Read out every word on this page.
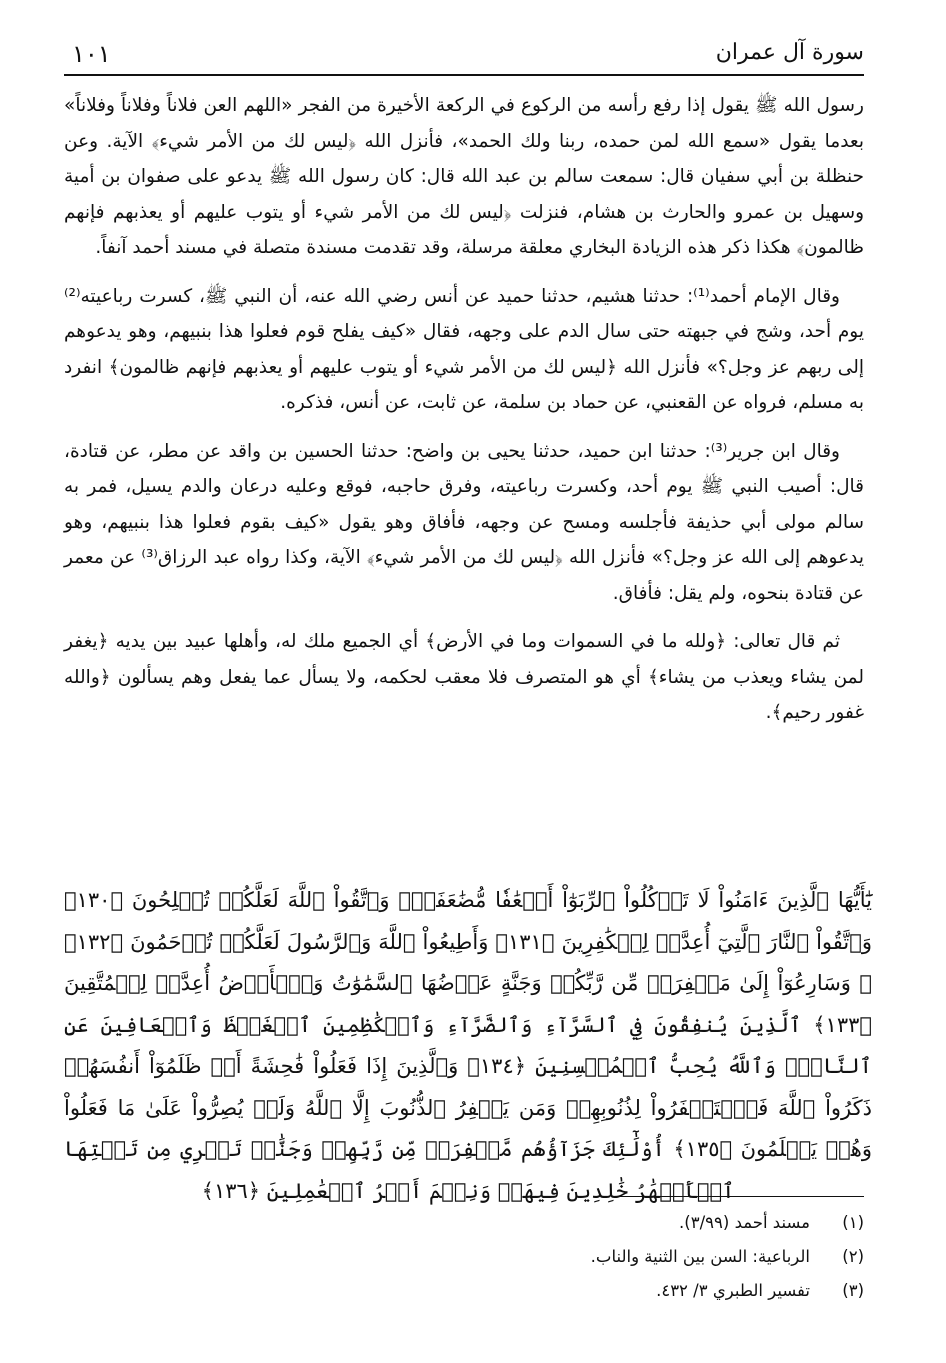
سورة آل عمران
١٠١

رسول الله ﷺ يقول إذا رفع رأسه من الركوع في الركعة الأخيرة من الفجر «اللهم العن فلاناً وفلاناً وفلاناً» بعدما يقول «سمع الله لمن حمده، ربنا ولك الحمد»، فأنزل الله ﴿ليس لك من الأمر شيء﴾ الآية. وعن حنظلة بن أبي سفيان قال: سمعت سالم بن عبد الله قال: كان رسول الله ﷺ يدعو على صفوان بن أمية وسهيل بن عمرو والحارث بن هشام، فنزلت ﴿ليس لك من الأمر شيء أو يتوب عليهم أو يعذبهم فإنهم ظالمون﴾ هكذا ذكر هذه الزيادة البخاري معلقة مرسلة، وقد تقدمت مسندة متصلة في مسند أحمد آنفاً.

وقال الإمام أحمد⁽¹⁾: حدثنا هشيم، حدثنا حميد عن أنس رضي الله عنه، أن النبي ﷺ، كسرت رباعيته⁽²⁾ يوم أحد، وشج في جبهته حتى سال الدم على وجهه، فقال «كيف يفلح قوم فعلوا هذا بنبيهم، وهو يدعوهم إلى ربهم عز وجل؟» فأنزل الله ﴿ليس لك من الأمر شيء أو يتوب عليهم أو يعذبهم فإنهم ظالمون﴾ انفرد به مسلم، فرواه عن القعنبي، عن حماد بن سلمة، عن ثابت، عن أنس، فذكره.

وقال ابن جرير⁽³⁾: حدثنا ابن حميد، حدثنا يحيى بن واضح: حدثنا الحسين بن واقد عن مطر، عن قتادة، قال: أصيب النبي ﷺ يوم أحد، وكسرت رباعيته، وفرق حاجبه، فوقع وعليه درعان والدم يسيل، فمر به سالم مولى أبي حذيفة فأجلسه ومسح عن وجهه، فأفاق وهو يقول «كيف بقوم فعلوا هذا بنبيهم، وهو يدعوهم إلى الله عز وجل؟» فأنزل الله ﴿ليس لك من الأمر شيء﴾ الآية، وكذا رواه عبد الرزاق⁽³⁾ عن معمر عن قتادة بنحوه، ولم يقل: فأفاق.

ثم قال تعالى: ﴿ولله ما في السموات وما في الأرض﴾ أي الجميع ملك له، وأهلها عبيد بين يديه ﴿يغفر لمن يشاء ويعذب من يشاء﴾ أي هو المتصرف فلا معقب لحكمه، ولا يسأل عما يفعل وهم يسألون ﴿والله غفور رحيم﴾.

يَٰٓأَيُّهَا ٱلَّذِينَ ءَامَنُواْ لَا تَأۡكُلُواْ ٱلرِّبَوٰٓاْ أَضۡعَٰفٗا مُّضَٰعَفَةٗۖ وَٱتَّقُواْ ٱللَّهَ لَعَلَّكُمۡ تُفۡلِحُونَ ﴿١٣٠﴾ وَٱتَّقُواْ ٱلنَّارَ ٱلَّتِيٓ أُعِدَّتۡ لِلۡكَٰفِرِينَ ﴿١٣١﴾ وَأَطِيعُواْ ٱللَّهَ وَٱلرَّسُولَ لَعَلَّكُمۡ تُرۡحَمُونَ ﴿١٣٢﴾ ۞ وَسَارِعُوٓاْ إِلَىٰ مَغۡفِرَةٖ مِّن رَّبِّكُمۡ وَجَنَّةٍ عَرۡضُهَا ٱلسَّمَٰوَٰتُ وَٱلۡأَرۡضُ أُعِدَّتۡ لِلۡمُتَّقِينَ ﴿١٣٣﴾ ٱلَّذِينَ يُنفِقُونَ فِي ٱلسَّرَّآءِ وَٱلضَّرَّآءِ وَٱلۡكَٰظِمِينَ ٱلۡغَيۡظَ وَٱلۡعَافِينَ عَنِ ٱلنَّاسِۗ وَٱللَّهُ يُحِبُّ ٱلۡمُحۡسِنِينَ ﴿١٣٤﴾ وَٱلَّذِينَ إِذَا فَعَلُواْ فَٰحِشَةً أَوۡ ظَلَمُوٓاْ أَنفُسَهُمۡ ذَكَرُواْ ٱللَّهَ فَٱسۡتَغۡفَرُواْ لِذُنُوبِهِمۡ وَمَن يَغۡفِرُ ٱلذُّنُوبَ إِلَّا ٱللَّهُ وَلَمۡ يُصِرُّواْ عَلَىٰ مَا فَعَلُواْ وَهُمۡ يَعۡلَمُونَ ﴿١٣٥﴾ أُوْلَٰٓئِكَ جَزَآؤُهُم مَّغۡفِرَةٞ مِّن رَّبِّهِمۡ وَجَنَّٰتٞ تَجۡرِي مِن تَحۡتِهَا ٱلۡأَنۡهَٰرُ خَٰلِدِينَ فِيهَاۚ وَنِعۡمَ أَجۡرُ ٱلۡعَٰمِلِينَ ﴿١٣٦﴾
(١)مسند أحمد (٣/٩٩).
(٢)الرباعية: السن بين الثنية والناب.
(٣)تفسير الطبري ٣/ ٤٣٢.
